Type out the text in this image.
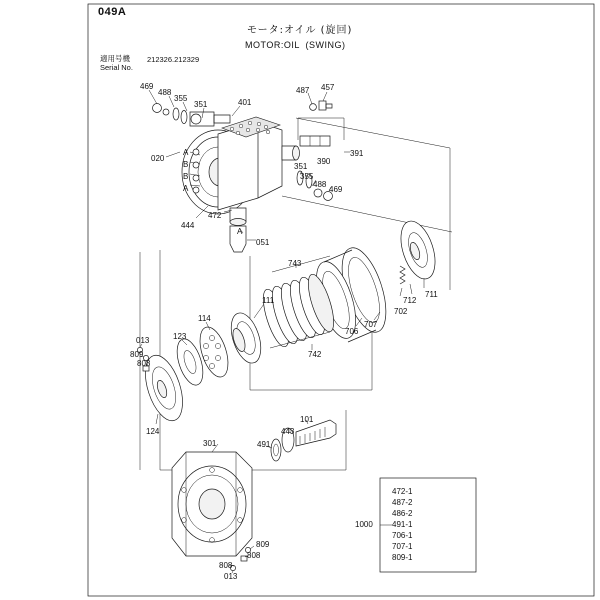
049A
モータ:オイル (旋回)
MOTOR:OIL  (SWING)
適用号機
Serial No.
212326.212329
469
488
355
351	401
487 457
391
390
351
355
488
469
020
A
B
B
A
444
472
A
051
743
702
712
711
706
707
742
111
114
123
013
809
808
124
301	491
443
101
809
808
013
808
1000
472-1
487-2
486-2
491-1
706-1
707-1
809-1
